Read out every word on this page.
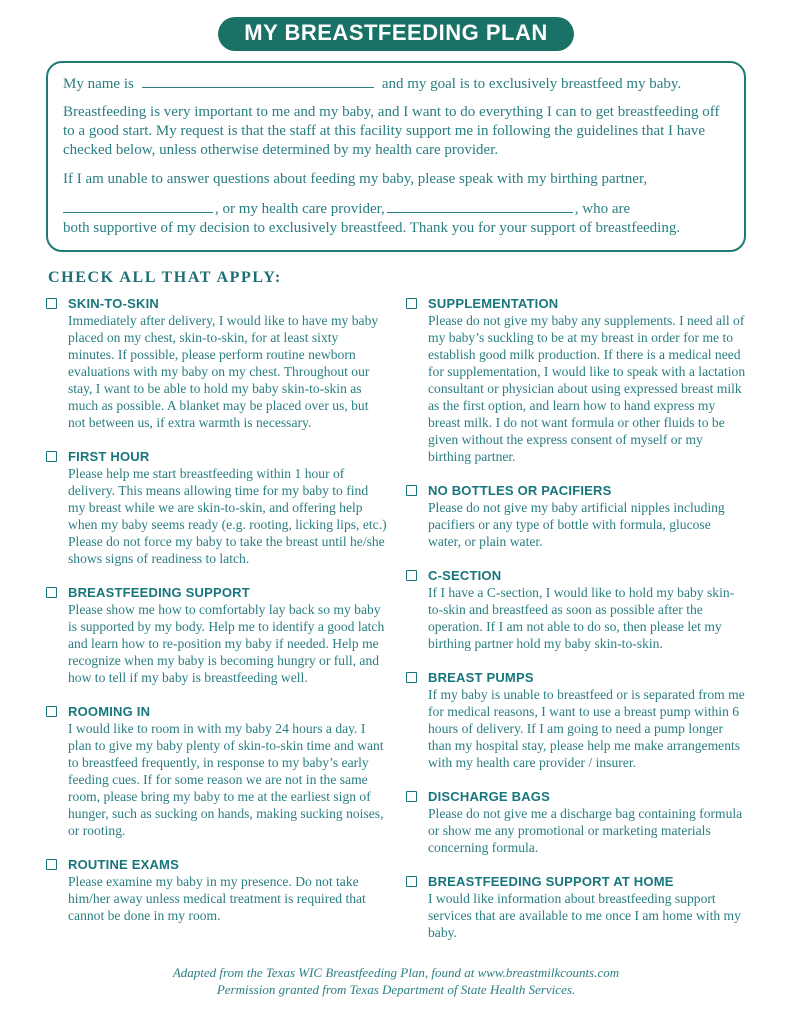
MY BREASTFEEDING PLAN
My name is	and my goal is to exclusively breastfeed my baby.
Breastfeeding is very important to me and my baby, and I want to do everything I can to get breastfeeding off to a good start. My request is that the staff at this facility support me in following the guidelines that I have checked below, unless otherwise determined by my health care provider.
If I am unable to answer questions about feeding my baby, please speak with my birthing partner,
, or my health care provider,	, who are
both supportive of my decision to exclusively breastfeed. Thank you for your support of breastfeeding.
CHECK ALL THAT APPLY:
SKIN-TO-SKIN
Immediately after delivery, I would like to have my baby placed on my chest, skin-to-skin, for at least sixty minutes. If possible, please perform routine newborn evaluations with my baby on my chest. Throughout our stay, I want to be able to hold my baby skin-to-skin as much as possible. A blanket may be placed over us, but not between us, if extra warmth is necessary.
FIRST HOUR
Please help me start breastfeeding within 1 hour of delivery. This means allowing time for my baby to find my breast while we are skin-to-skin, and offering help when my baby seems ready (e.g. rooting, licking lips, etc.) Please do not force my baby to take the breast until he/she shows signs of readiness to latch.
BREASTFEEDING SUPPORT
Please show me how to comfortably lay back so my baby is supported by my body. Help me to identify a good latch and learn how to re-position my baby if needed. Help me recognize when my baby is becoming hungry or full, and how to tell if my baby is breastfeeding well.
ROOMING IN
I would like to room in with my baby 24 hours a day. I plan to give my baby plenty of skin-to-skin time and want to breastfeed frequently, in response to my baby’s early feeding cues. If for some reason we are not in the same room, please bring my baby to me at the earliest sign of hunger, such as sucking on hands, making sucking noises, or rooting.
ROUTINE EXAMS
Please examine my baby in my presence. Do not take him/her away unless medical treatment is required that cannot be done in my room.
SUPPLEMENTATION
Please do not give my baby any supplements. I need all of my baby’s suckling to be at my breast in order for me to establish good milk production. If there is a medical need for supplementation, I would like to speak with a lactation consultant or physician about using expressed breast milk as the first option, and learn how to hand express my breast milk. I do not want formula or other fluids to be given without the express consent of myself or my birthing partner.
NO BOTTLES OR PACIFIERS
Please do not give my baby artificial nipples including pacifiers or any type of bottle with formula, glucose water, or plain water.
C-SECTION
If I have a C-section, I would like to hold my baby skin-to-skin and breastfeed as soon as possible after the operation. If I am not able to do so, then please let my birthing partner hold my baby skin-to-skin.
BREAST PUMPS
If my baby is unable to breastfeed or is separated from me for medical reasons, I want to use a breast pump within 6 hours of delivery. If I am going to need a pump longer than my hospital stay, please help me make arrangements with my health care provider / insurer.
DISCHARGE BAGS
Please do not give me a discharge bag containing formula or show me any promotional or marketing materials concerning formula.
BREASTFEEDING SUPPORT AT HOME
I would like information about breastfeeding support services that are available to me once I am home with my baby.
Adapted from the Texas WIC Breastfeeding Plan, found at www.breastmilkcounts.com
Permission granted from Texas Department of State Health Services.
